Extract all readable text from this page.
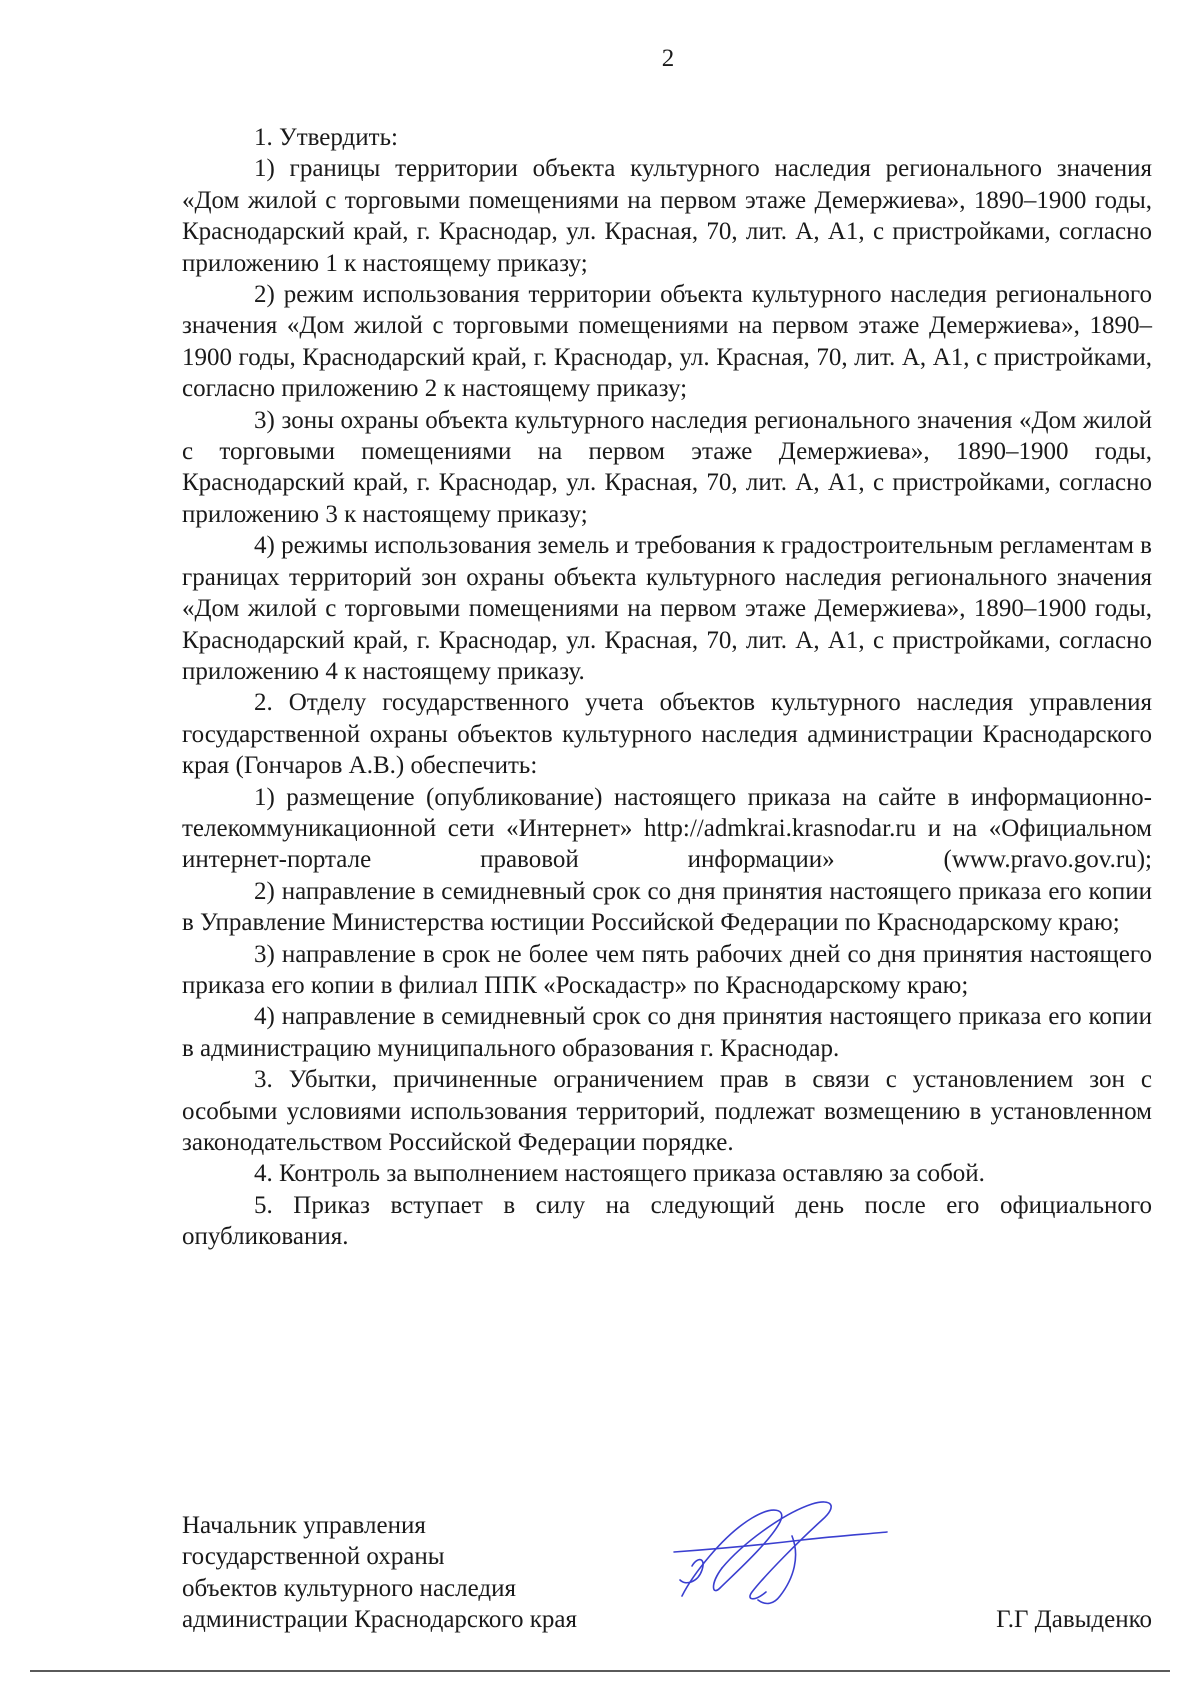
2

1. Утвердить:

1) границы территории объекта культурного наследия регионального значения «Дом жилой с торговыми помещениями на первом этаже Демержиева», 1890–1900 годы, Краснодарский край, г. Краснодар, ул. Красная, 70, лит. А, А1, с пристройками, согласно приложению 1 к настоящему приказу;

2) режим использования территории объекта культурного наследия регионального значения «Дом жилой с торговыми помещениями на первом этаже Демержиева», 1890–1900 годы, Краснодарский край, г. Краснодар, ул. Красная, 70, лит. А, А1, с пристройками, согласно приложению 2 к настоящему приказу;

3) зоны охраны объекта культурного наследия регионального значения «Дом жилой с торговыми помещениями на первом этаже Демержиева», 1890–1900 годы, Краснодарский край, г. Краснодар, ул. Красная, 70, лит. А, А1, с пристройками, согласно приложению 3 к настоящему приказу;

4) режимы использования земель и требования к градостроительным регламентам в границах территорий зон охраны объекта культурного наследия регионального значения «Дом жилой с торговыми помещениями на первом этаже Демержиева», 1890–1900 годы, Краснодарский край, г. Краснодар, ул. Красная, 70, лит. А, А1, с пристройками, согласно приложению 4 к настоящему приказу.

2. Отделу государственного учета объектов культурного наследия управления государственной охраны объектов культурного наследия администрации Краснодарского края (Гончаров А.В.) обеспечить:

1) размещение (опубликование) настоящего приказа на сайте в информационно-телекоммуникационной сети «Интернет» http://admkrai.krasnodar.ru и на «Официальном интернет-портале правовой информации» (www.pravo.gov.ru);

2) направление в семидневный срок со дня принятия настоящего приказа его копии в Управление Министерства юстиции Российской Федерации по Краснодарскому краю;

3) направление в срок не более чем пять рабочих дней со дня принятия настоящего приказа его копии в филиал ППК «Роскадастр» по Краснодарскому краю;

4) направление в семидневный срок со дня принятия настоящего приказа его копии в администрацию муниципального образования г. Краснодар.

3. Убытки, причиненные ограничением прав в связи с установлением зон с особыми условиями использования территорий, подлежат возмещению в установленном законодательством Российской Федерации порядке.

4. Контроль за выполнением настоящего приказа оставляю за собой.

5. Приказ вступает в силу на следующий день после его официального опубликования.

Начальник управления
государственной охраны
объектов культурного наследия
администрации Краснодарского края	Г.Г Давыденко
